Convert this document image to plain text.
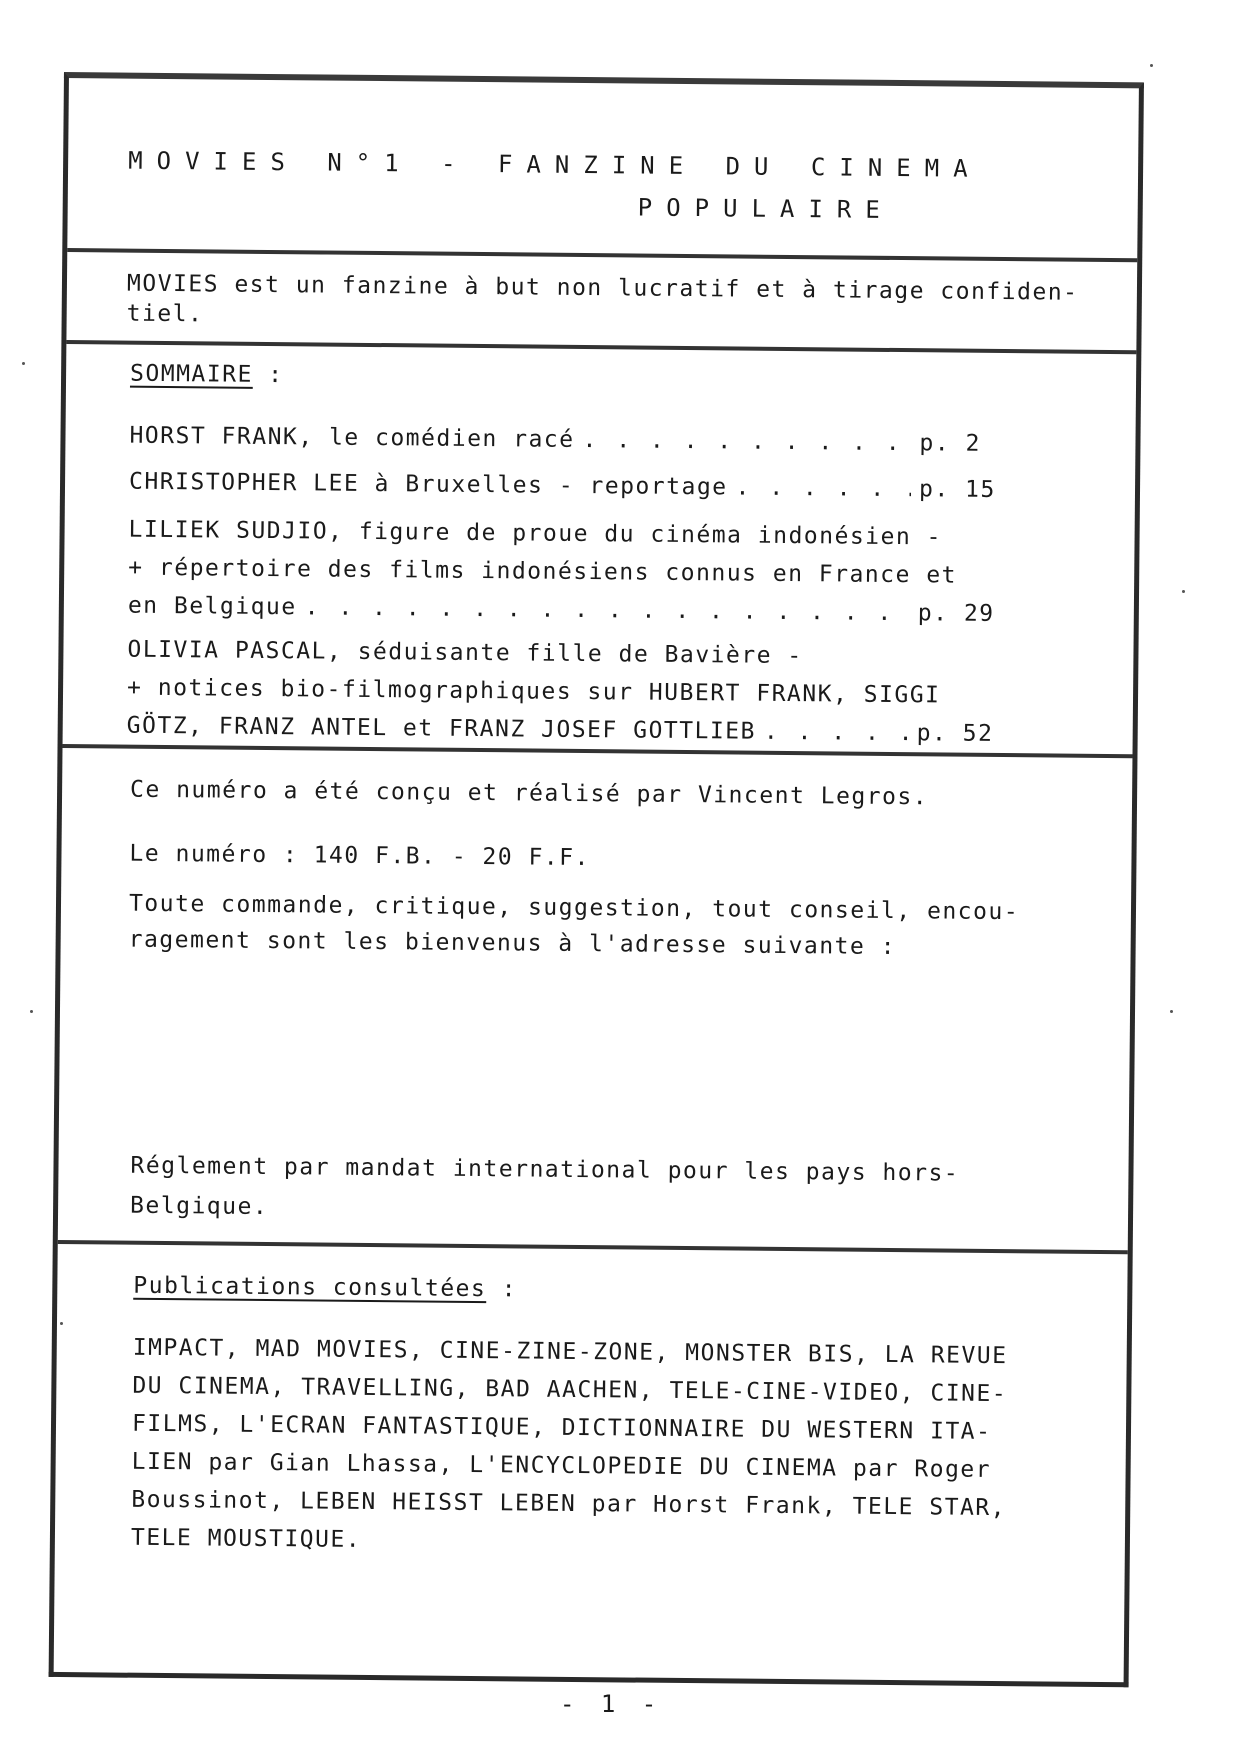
MOVIES N°1 - FANZINE DU CINEMA
POPULAIRE
MOVIES est un fanzine à but non lucratif et à tirage confiden-
tiel.
SOMMAIRE :
HORST FRANK, le comédien racé . . .	p. 2
CHRISTOPHER LEE à Bruxelles - reportage . . .	p. 15
LILIEK SUDJIO, figure de proue du cinéma indonésien -
+ répertoire des films indonésiens connus en France et
en Belgique . . .	p. 29
OLIVIA PASCAL, séduisante fille de Bavière -
+ notices bio-filmographiques sur HUBERT FRANK, SIGGI
GÖTZ, FRANZ ANTEL et FRANZ JOSEF GOTTLIEB . . .	p. 52
Ce numéro a été conçu et réalisé par Vincent Legros.
Le numéro : 140 F.B. - 20 F.F.
Toute commande, critique, suggestion, tout conseil, encou-
ragement sont les bienvenus à l'adresse suivante :
Réglement par mandat international pour les pays hors-
Belgique.
Publications consultées :
IMPACT, MAD MOVIES, CINE-ZINE-ZONE, MONSTER BIS, LA REVUE
DU CINEMA, TRAVELLING, BAD AACHEN, TELE-CINE-VIDEO, CINE-
FILMS, L'ECRAN FANTASTIQUE, DICTIONNAIRE DU WESTERN ITA-
LIEN par Gian Lhassa, L'ENCYCLOPEDIE DU CINEMA par Roger
Boussinot, LEBEN HEISST LEBEN par Horst Frank, TELE STAR,
TELE MOUSTIQUE.
- 1 -
